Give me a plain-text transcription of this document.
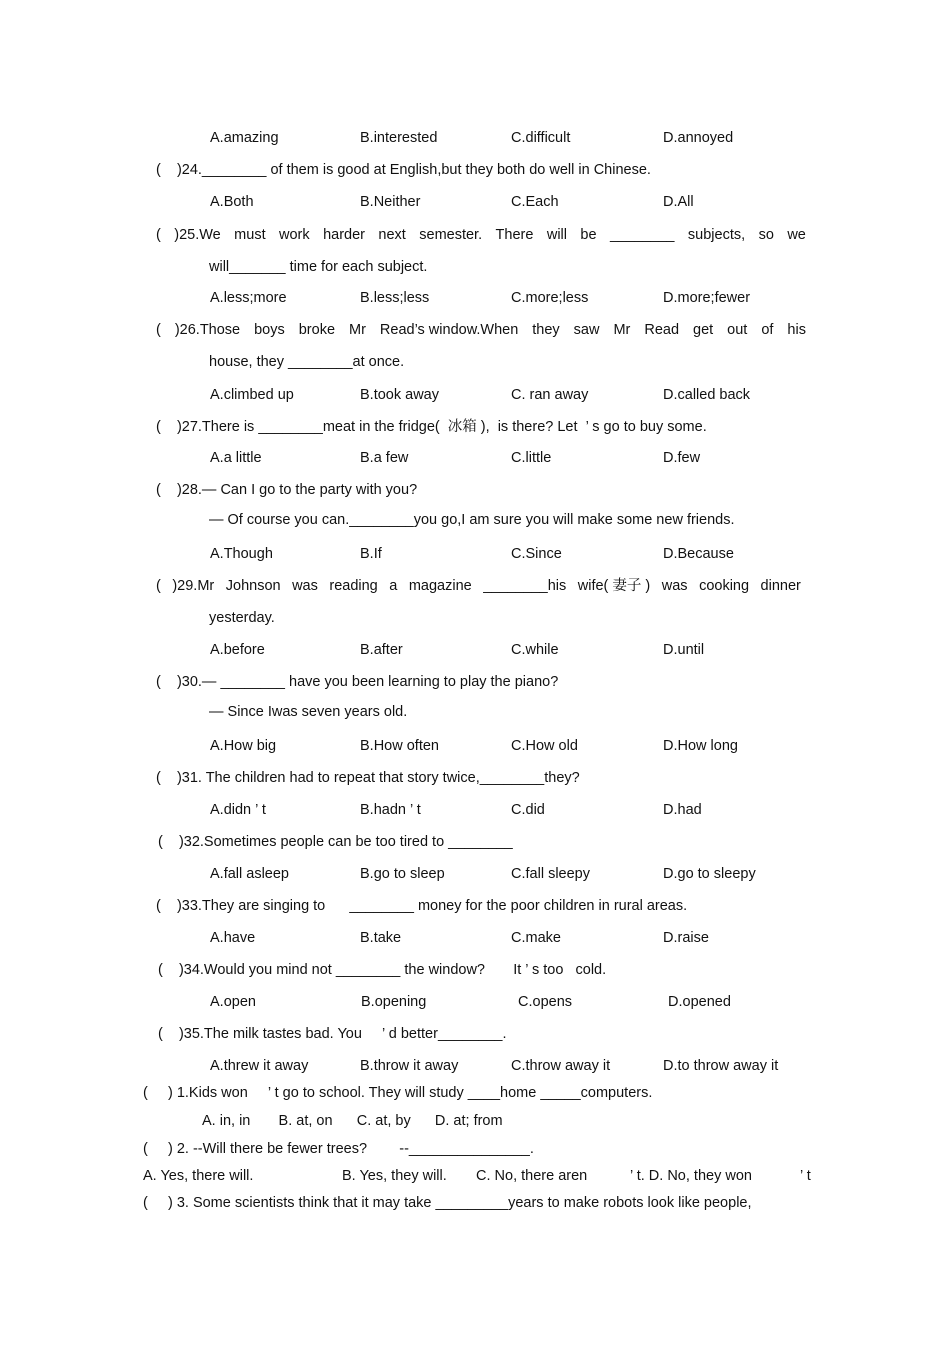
A.amazing	B.interested	C.difficult	D.annoyed
(    )24.________ of them is good at English,but they both do well in Chinese.
A.Both	B.Neither	C.Each	D.All
( )25.We must work harder next semester. There will be ________ subjects, so we
will_______ time for each subject.
A.less;more	B.less;less	C.more;less	D.more;fewer
( )26.Those boys broke Mr Read’s window.When they saw Mr Read get out of his
house, they ________at once.
A.climbed up	B.took away	C. ran away	D.called back
(    )27.There is ________meat in the fridge(  冰箱 ),  is there? Let  ’ s go to buy some.
A.a little	B.a few	C.little	D.few
(    )28.— Can I go to the party with you?
— Of course you can.________you go,I am sure you will make some new friends.
A.Though	B.If	C.Since	D.Because
( )29.Mr Johnson was reading a magazine ________his wife( 妻子 ) was cooking dinner
yesterday.
A.before	B.after	C.while	D.until
(    )30.— ________ have you been learning to play the piano?
— Since Iwas seven years old.
A.How big	B.How often	C.How old	D.How long
(    )31. The children had to repeat that story twice,________they?
A.didn ’ t	B.hadn ’ t	C.did	D.had
(    )32.Sometimes people can be too tired to ________
A.fall asleep	B.go to sleep	C.fall sleepy	D.go to sleepy
(    )33.They are singing to      ________ money for the poor children in rural areas.
A.have	B.take	C.make	D.raise
(    )34.Would you mind not ________ the window?       It ’ s too   cold.
A.open	B.opening	C.opens	D.opened
(    )35.The milk tastes bad. You     ’ d better________.
A.threw it away	B.throw it away	C.throw away it	D.to throw away it
(     ) 1.Kids won     ’ t go to school. They will study ____home _____computers.
A. in, in       B. at, on      C. at, by      D. at; from
(     ) 2. --Will there be fewer trees?        --_______________.
A. Yes, there will.	B. Yes, they will. C. No, there aren	’ t. D. No, they won	’ t
(     ) 3. Some scientists think that it may take _________years to make robots look like people,
